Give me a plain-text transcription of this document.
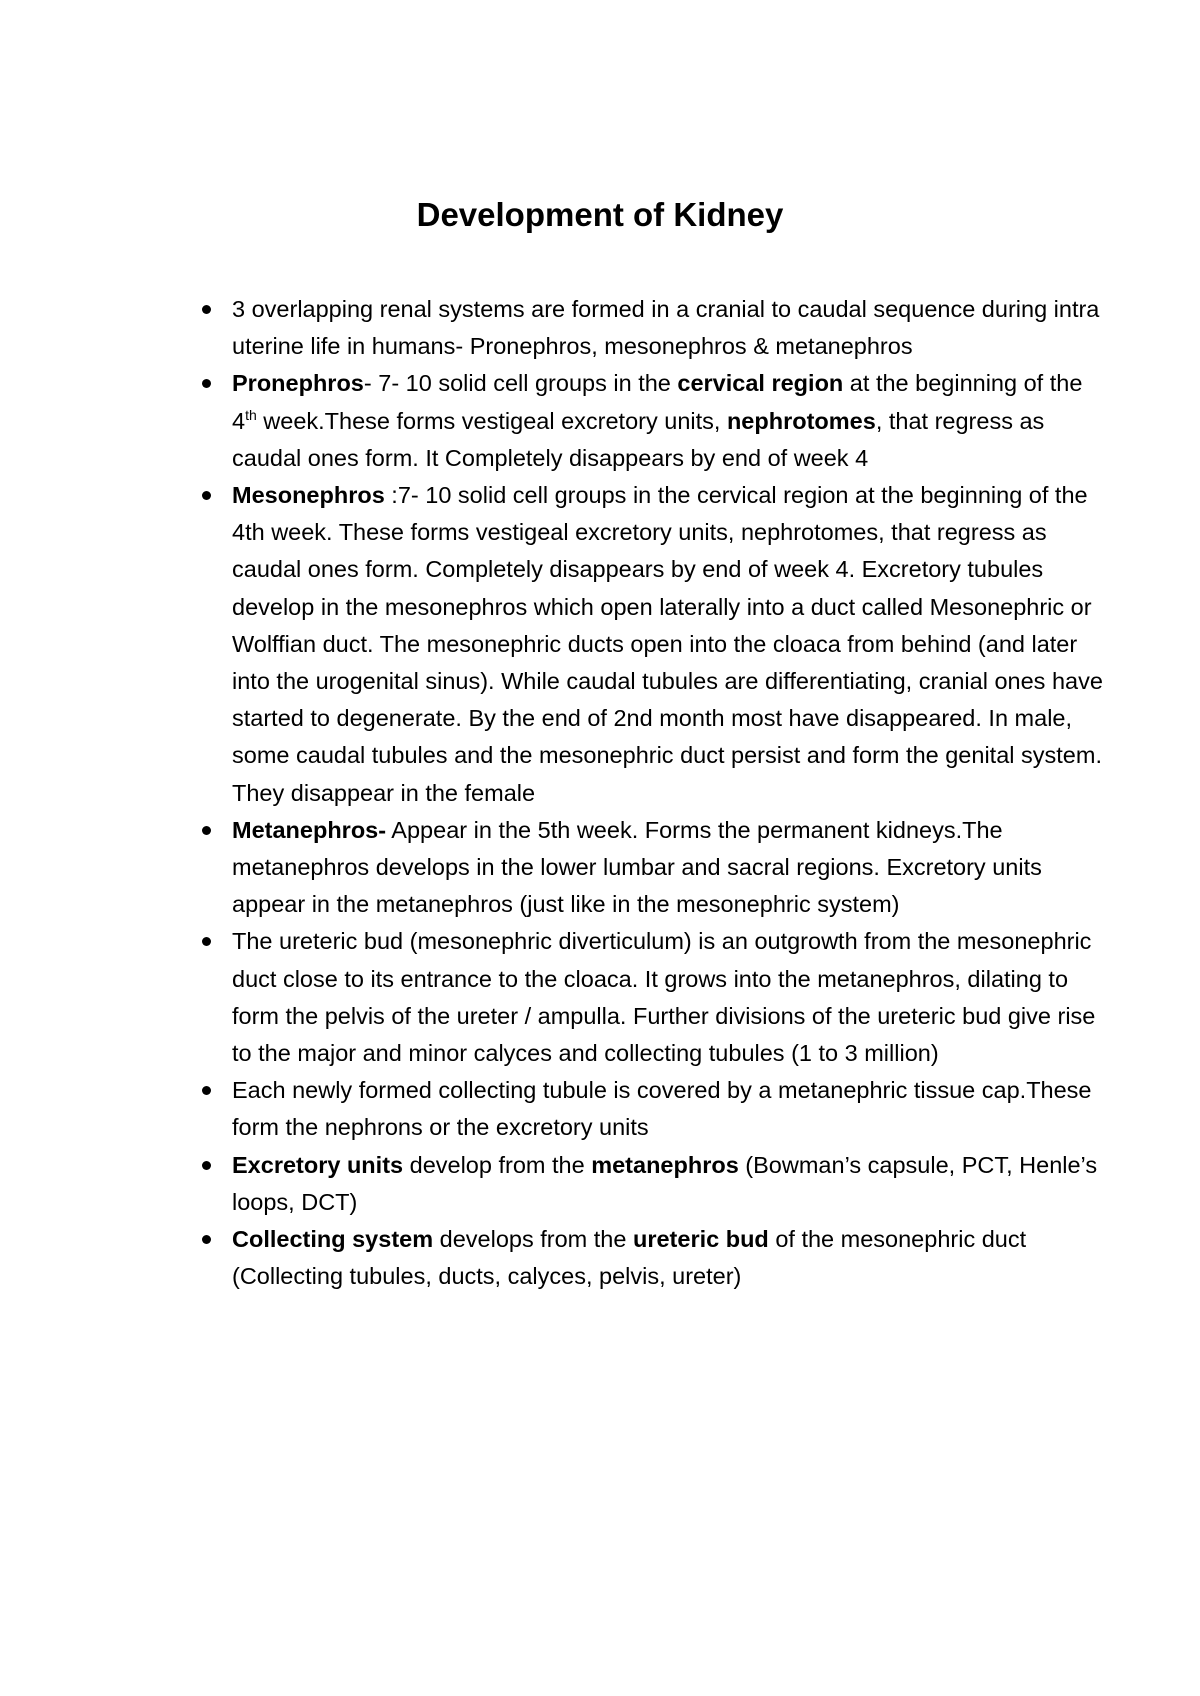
Development of Kidney
3 overlapping renal systems are formed in a cranial to caudal sequence during intra uterine life in humans- Pronephros, mesonephros & metanephros
Pronephros- 7- 10 solid cell groups in the cervical region at the beginning of the 4th week.These forms vestigeal excretory units, nephrotomes, that regress as caudal ones form. It Completely disappears by end of week 4
Mesonephros :7- 10 solid cell groups in the cervical region at the beginning of the 4th week. These forms vestigeal excretory units, nephrotomes, that regress as caudal ones form. Completely disappears by end of week 4. Excretory tubules develop in the mesonephros which open laterally into a duct called Mesonephric or Wolffian duct. The mesonephric ducts open into the cloaca from behind (and later into the urogenital sinus). While caudal tubules are differentiating, cranial ones have started to degenerate. By the end of 2nd month most have disappeared. In male, some caudal tubules and the mesonephric duct persist and form the genital system. They disappear in the female
Metanephros- Appear in the 5th week. Forms the permanent kidneys.The metanephros develops in the lower lumbar and sacral regions. Excretory units appear in the metanephros (just like in the mesonephric system)
The ureteric bud (mesonephric diverticulum) is an outgrowth from the mesonephric duct close to its entrance to the cloaca. It grows into the metanephros, dilating to form the pelvis of the ureter / ampulla. Further divisions of the ureteric bud give rise to the major and minor calyces and collecting tubules (1 to 3 million)
Each newly formed collecting tubule is covered by a metanephric tissue cap.These form the nephrons or the excretory units
Excretory units develop from the metanephros (Bowman’s capsule, PCT, Henle’s loops, DCT)
Collecting system develops from the ureteric bud of the mesonephric duct (Collecting tubules, ducts, calyces, pelvis, ureter)
